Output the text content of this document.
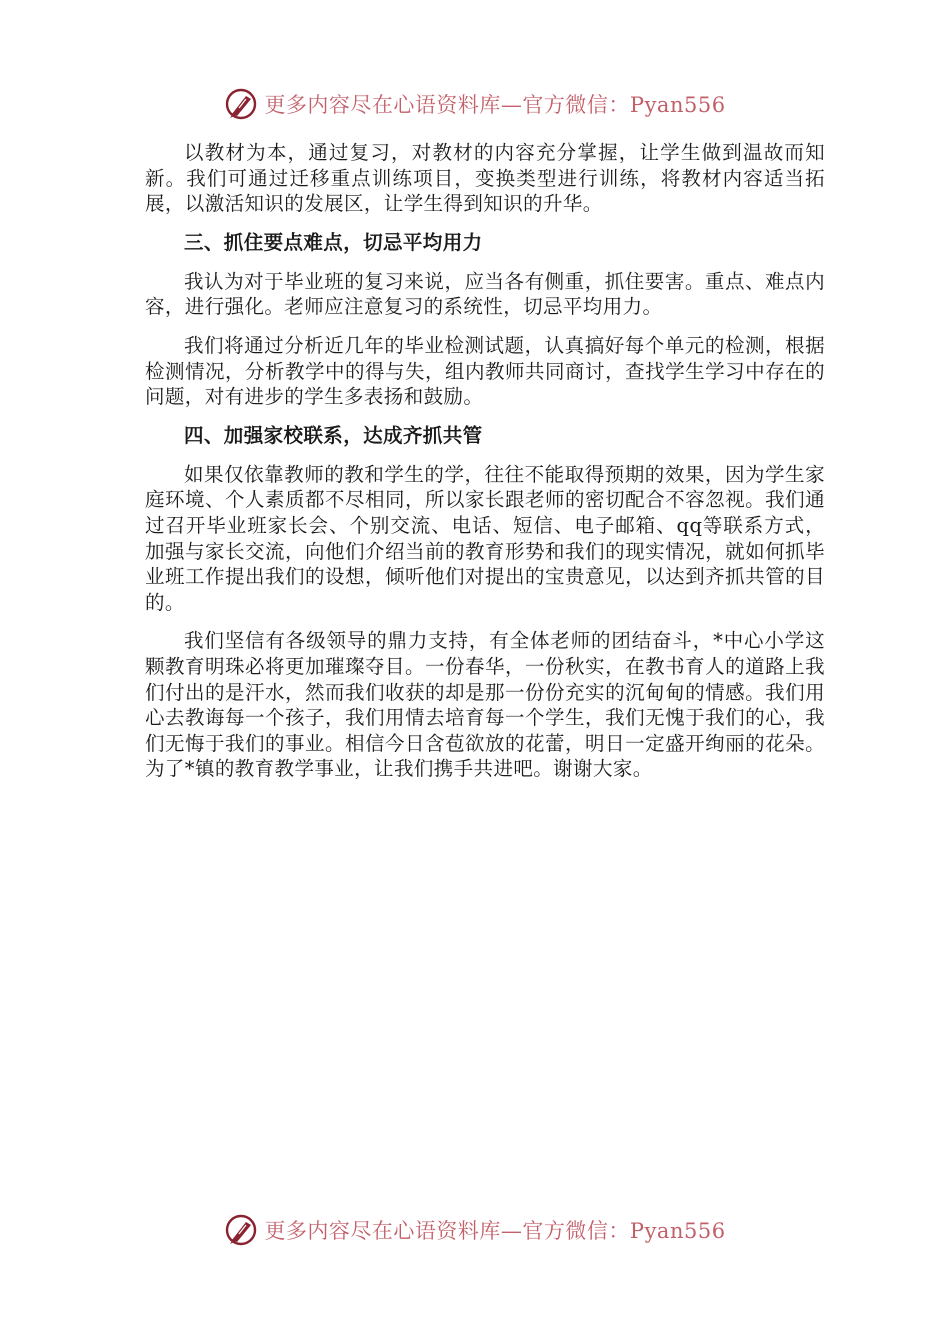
更多内容尽在心语资料库—官方微信：Pyan556

以教材为本，通过复习，对教材的内容充分掌握，让学生做到温故而知新。我们可通过迁移重点训练项目，变换类型进行训练，将教材内容适当拓展，以激活知识的发展区，让学生得到知识的升华。

三、抓住要点难点，切忌平均用力

我认为对于毕业班的复习来说，应当各有侧重，抓住要害。重点、难点内容，进行强化。老师应注意复习的系统性，切忌平均用力。

我们将通过分析近几年的毕业检测试题，认真搞好每个单元的检测，根据检测情况，分析教学中的得与失，组内教师共同商讨，查找学生学习中存在的问题，对有进步的学生多表扬和鼓励。

四、加强家校联系，达成齐抓共管

如果仅依靠教师的教和学生的学，往往不能取得预期的效果，因为学生家庭环境、个人素质都不尽相同，所以家长跟老师的密切配合不容忽视。我们通过召开毕业班家长会、个别交流、电话、短信、电子邮箱、qq等联系方式，加强与家长交流，向他们介绍当前的教育形势和我们的现实情况，就如何抓毕业班工作提出我们的设想，倾听他们对提出的宝贵意见，以达到齐抓共管的目的。

我们坚信有各级领导的鼎力支持，有全体老师的团结奋斗，*中心小学这颗教育明珠必将更加璀璨夺目。一份春华，一份秋实，在教书育人的道路上我们付出的是汗水，然而我们收获的却是那一份份充实的沉甸甸的情感。我们用心去教诲每一个孩子，我们用情去培育每一个学生，我们无愧于我们的心，我们无悔于我们的事业。相信今日含苞欲放的花蕾，明日一定盛开绚丽的花朵。为了*镇的教育教学事业，让我们携手共进吧。谢谢大家。

更多内容尽在心语资料库—官方微信：Pyan556
